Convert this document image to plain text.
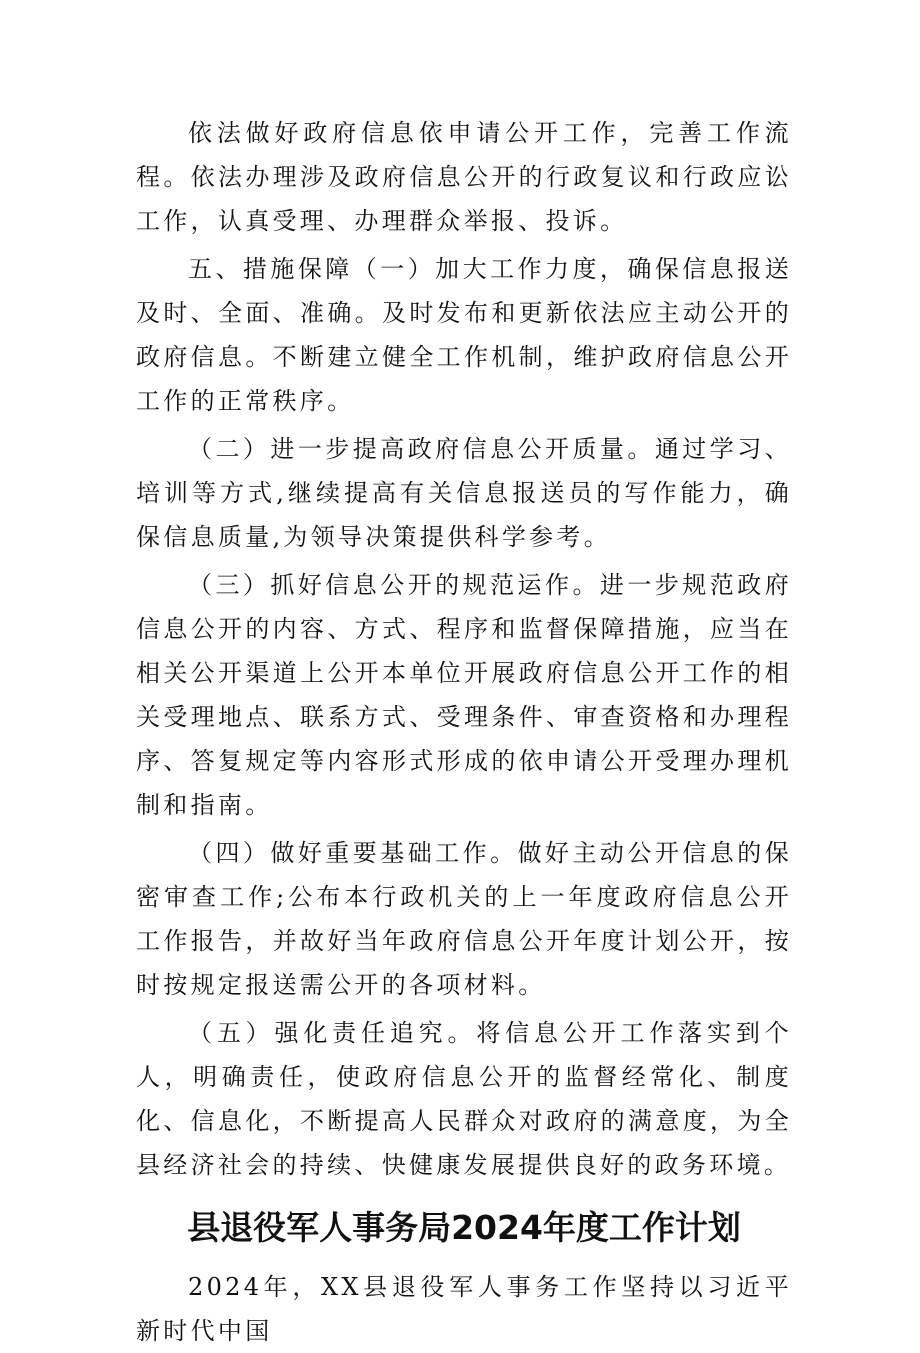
依法做好政府信息依申请公开工作，完善工作流程。依法办理涉及政府信息公开的行政复议和行政应讼工作，认真受理、办理群众举报、投诉。

五、措施保障（一）加大工作力度，确保信息报送及时、全面、准确。及时发布和更新依法应主动公开的政府信息。不断建立健全工作机制，维护政府信息公开工作的正常秩序。

（二）进一步提高政府信息公开质量。通过学习、培训等方式,继续提高有关信息报送员的写作能力，确保信息质量,为领导决策提供科学参考。

（三）抓好信息公开的规范运作。进一步规范政府信息公开的内容、方式、程序和监督保障措施，应当在相关公开渠道上公开本单位开展政府信息公开工作的相关受理地点、联系方式、受理条件、审查资格和办理程序、答复规定等内容形式形成的依申请公开受理办理机制和指南。

（四）做好重要基础工作。做好主动公开信息的保密审查工作;公布本行政机关的上一年度政府信息公开工作报告，并故好当年政府信息公开年度计划公开，按时按规定报送需公开的各项材料。

（五）强化责任追究。将信息公开工作落实到个人，明确责任，使政府信息公开的监督经常化、制度化、信息化，不断提高人民群众对政府的满意度，为全县经济社会的持续、快健康发展提供良好的政务环境。

县退役军人事务局2024年度工作计划

2024年，XX县退役军人事务工作坚持以习近平新时代中国
